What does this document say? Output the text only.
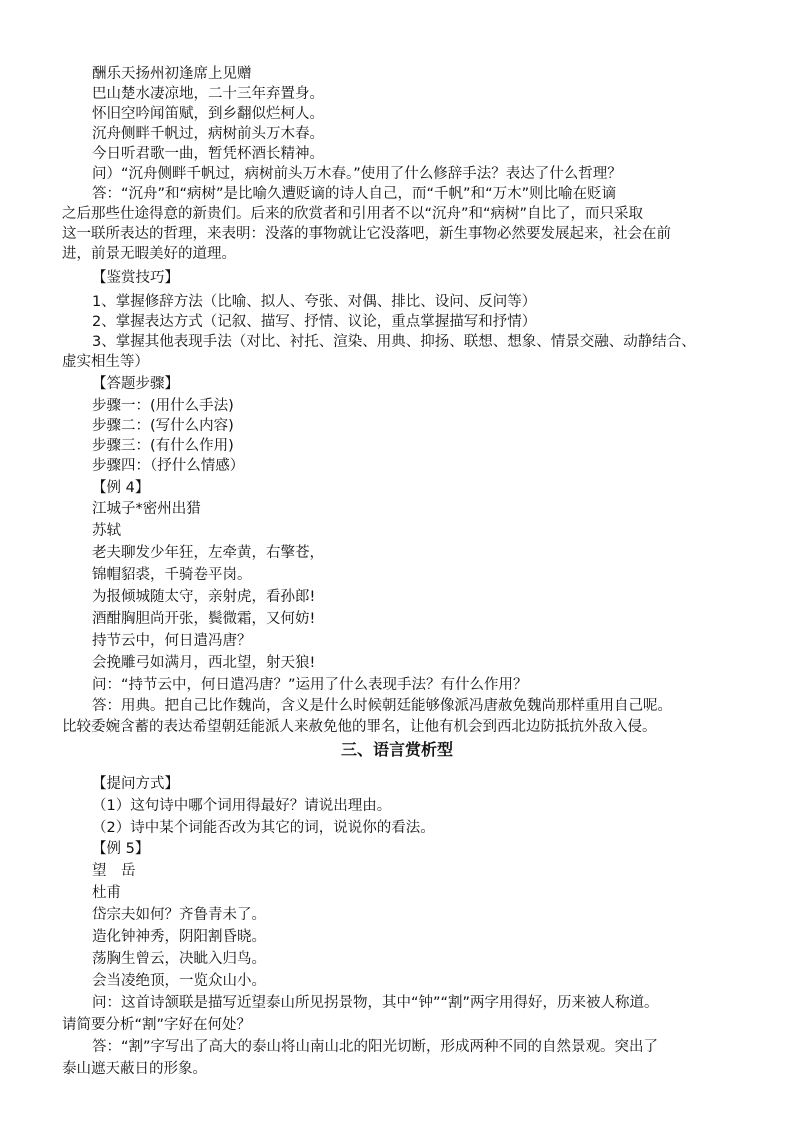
酬乐天扬州初逢席上见赠
巴山楚水凄凉地，二十三年弃置身。
怀旧空吟闻笛赋，到乡翻似烂柯人。
沉舟侧畔千帆过，病树前头万木春。
今日听君歌一曲，暂凭杯酒长精神。
问）“沉舟侧畔千帆过，病树前头万木春。”使用了什么修辞手法？表达了什么哲理？
答：“沉舟”和“病树”是比喻久遭贬谪的诗人自己，而“千帆”和“万木”则比喻在贬谪
之后那些仕途得意的新贵们。后来的欣赏者和引用者不以“沉舟”和“病树”自比了，而只采取
这一联所表达的哲理，来表明：没落的事物就让它没落吧，新生事物必然要发展起来，社会在前
进，前景无暇美好的道理。
【鉴赏技巧】
1、掌握修辞方法（比喻、拟人、夸张、对偶、排比、设问、反问等）
2、掌握表达方式（记叙、描写、抒情、议论，重点掌握描写和抒情）
3、掌握其他表现手法（对比、衬托、渲染、用典、抑扬、联想、想象、情景交融、动静结合、
虚实相生等）
【答题步骤】
步骤一：(用什么手法)
步骤二：(写什么内容)
步骤三：(有什么作用)
步骤四：（抒什么情感）
【例 4】
江城子*密州出猎
苏轼
老夫聊发少年狂，左牵黄，右擎苍，
锦帽貂裘，千骑卷平岗。
为报倾城随太守，亲射虎，看孙郎!
酒酣胸胆尚开张，鬓微霜，又何妨!
持节云中，何日遣冯唐？
会挽雕弓如满月，西北望，射天狼!
问：“持节云中，何日遣冯唐？”运用了什么表现手法？有什么作用？
答：用典。把自己比作魏尚，含义是什么时候朝廷能够像派冯唐赦免魏尚那样重用自己呢。
比较委婉含蓄的表达希望朝廷能派人来赦免他的罪名，让他有机会到西北边防抵抗外敌入侵。
三、语言赏析型
【提问方式】
（1）这句诗中哪个词用得最好？请说出理由。
（2）诗中某个词能否改为其它的词，说说你的看法。
【例 5】
望　岳
杜甫
岱宗夫如何？齐鲁青未了。
造化钟神秀，阴阳割昏晓。
荡胸生曾云，决眦入归鸟。
会当凌绝顶，一览众山小。
问：这首诗颔联是描写近望泰山所见拐景物，其中“钟”“割”两字用得好，历来被人称道。
请简要分析“割”字好在何处？
答：“割”字写出了高大的泰山将山南山北的阳光切断，形成两种不同的自然景观。突出了
泰山遮天蔽日的形象。
